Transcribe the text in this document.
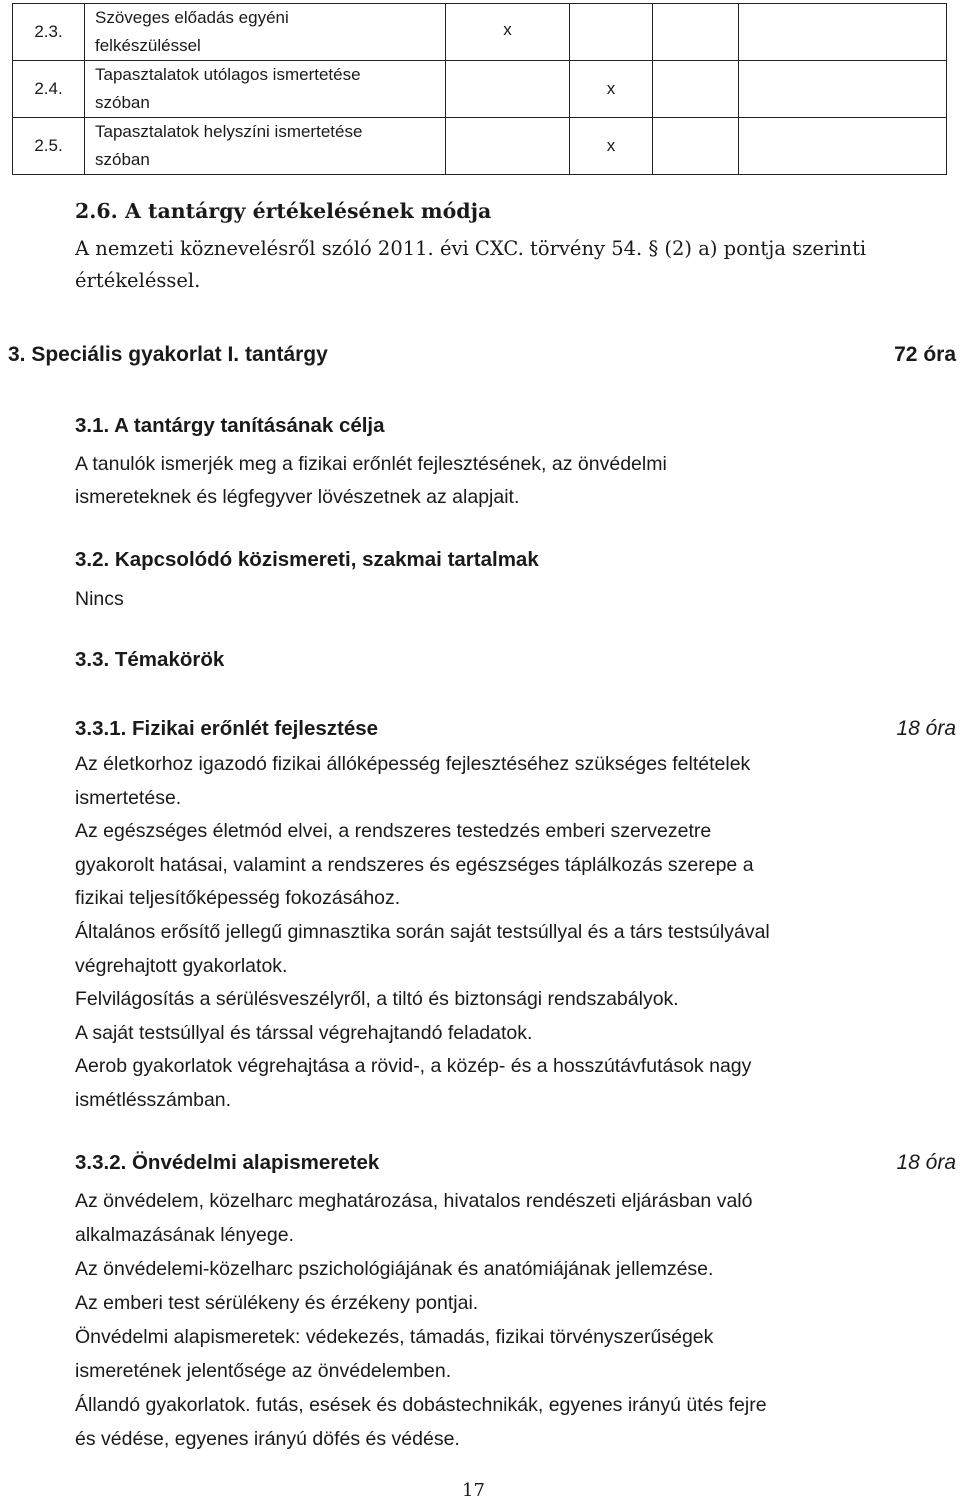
2.3.	Szöveges előadás egyéni
felkészüléssel	x			
2.4.	Tapasztalatok utólagos ismertetése
szóban		x		
2.5.	Tapasztalatok helyszíni ismertetése
szóban		x		
2.6. A tantárgy értékelésének módja
A nemzeti köznevelésről szóló 2011. évi CXC. törvény 54. § (2) a) pontja szerinti
értékeléssel.
3. Speciális gyakorlat I. tantárgy	72 óra
3.1. A tantárgy tanításának célja
A tanulók ismerjék meg a fizikai erőnlét fejlesztésének, az önvédelmi
ismereteknek és légfegyver lövészetnek az alapjait.
3.2. Kapcsolódó közismereti, szakmai tartalmak
Nincs
3.3. Témakörök
3.3.1. Fizikai erőnlét fejlesztése	18 óra
Az életkorhoz igazodó fizikai állóképesség fejlesztéséhez szükséges feltételek
ismertetése.
Az egészséges életmód elvei, a rendszeres testedzés emberi szervezetre
gyakorolt hatásai, valamint a rendszeres és egészséges táplálkozás szerepe a
fizikai teljesítőképesség fokozásához.
Általános erősítő jellegű gimnasztika során saját testsúllyal és a társ testsúlyával
végrehajtott gyakorlatok.
Felvilágosítás a sérülésveszélyről, a tiltó és biztonsági rendszabályok.
A saját testsúllyal és társsal végrehajtandó feladatok.
Aerob gyakorlatok végrehajtása a rövid-, a közép- és a hosszútávfutások nagy
ismétlésszámban.
3.3.2. Önvédelmi alapismeretek	18 óra
Az önvédelem, közelharc meghatározása, hivatalos rendészeti eljárásban való
alkalmazásának lényege.
Az önvédelemi-közelharc pszichológiájának és anatómiájának jellemzése.
Az emberi test sérülékeny és érzékeny pontjai.
Önvédelmi alapismeretek: védekezés, támadás, fizikai törvényszerűségek
ismeretének jelentősége az önvédelemben.
Állandó gyakorlatok. futás, esések és dobástechnikák, egyenes irányú ütés fejre
és védése, egyenes irányú döfés és védése.
17
